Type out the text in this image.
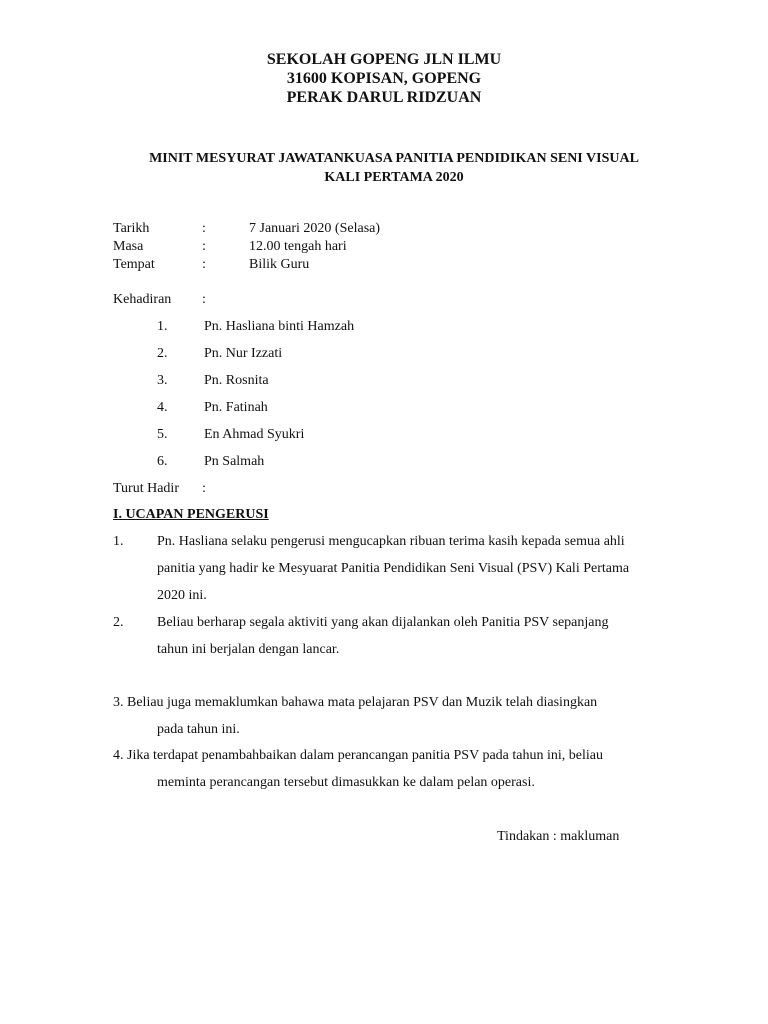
SEKOLAH GOPENG JLN ILMU
31600 KOPISAN, GOPENG
PERAK DARUL RIDZUAN
MINIT MESYURAT JAWATANKUASA PANITIA PENDIDIKAN SENI VISUAL
KALI PERTAMA 2020
Tarikh	:	7 Januari 2020 (Selasa)
Masa	:	12.00 tengah hari
Tempat	:	Bilik Guru
Kehadiran :
1.	Pn. Hasliana binti Hamzah
2.	Pn. Nur Izzati
3.	Pn. Rosnita
4.	Pn. Fatinah
5.	En Ahmad Syukri
6.	Pn Salmah
Turut Hadir :
I. UCAPAN PENGERUSI
1. Pn. Hasliana selaku pengerusi mengucapkan ribuan terima kasih kepada semua ahli
panitia yang hadir ke Mesyuarat Panitia Pendidikan Seni Visual (PSV) Kali Pertama
2020 ini.
2. Beliau berharap segala aktiviti yang akan dijalankan oleh Panitia PSV sepanjang
tahun ini berjalan dengan lancar.
3. Beliau juga memaklumkan bahawa mata pelajaran PSV dan Muzik telah diasingkan
pada tahun ini.
4. Jika terdapat penambahbaikan dalam perancangan panitia PSV pada tahun ini, beliau
meminta perancangan tersebut dimasukkan ke dalam pelan operasi.
Tindakan : makluman
